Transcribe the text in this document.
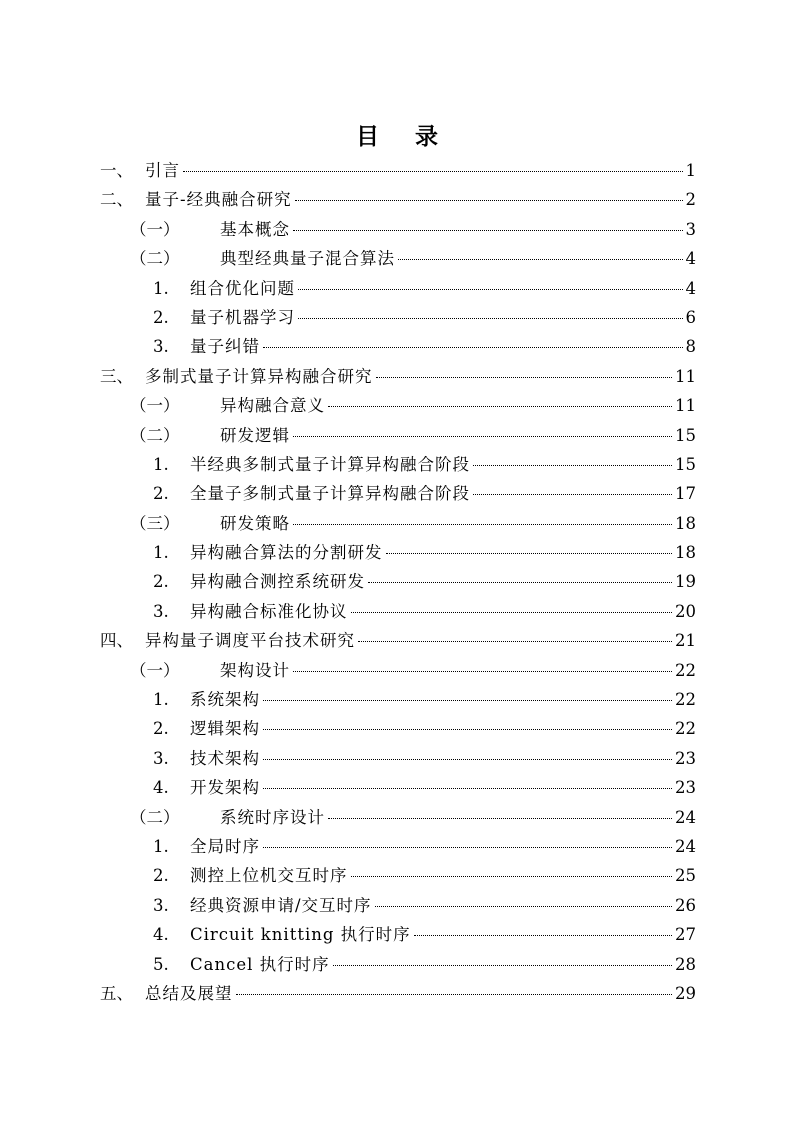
目 录
一、 引言	1
二、 量子-经典融合研究	2
（一）	基本概念	3
（二）	典型经典量子混合算法	4
1.	组合优化问题	4
2.	量子机器学习	6
3.	量子纠错	8
三、 多制式量子计算异构融合研究	11
（一）	异构融合意义	11
（二）	研发逻辑	15
1.	半经典多制式量子计算异构融合阶段	15
2.	全量子多制式量子计算异构融合阶段	17
（三）	研发策略	18
1.	异构融合算法的分割研发	18
2.	异构融合测控系统研发	19
3.	异构融合标准化协议	20
四、 异构量子调度平台技术研究	21
（一）	架构设计	22
1.	系统架构	22
2.	逻辑架构	22
3.	技术架构	23
4.	开发架构	23
（二）	系统时序设计	24
1.	全局时序	24
2.	测控上位机交互时序	25
3.	经典资源申请/交互时序	26
4.	Circuit knitting 执行时序	27
5.	Cancel 执行时序	28
五、 总结及展望	29
